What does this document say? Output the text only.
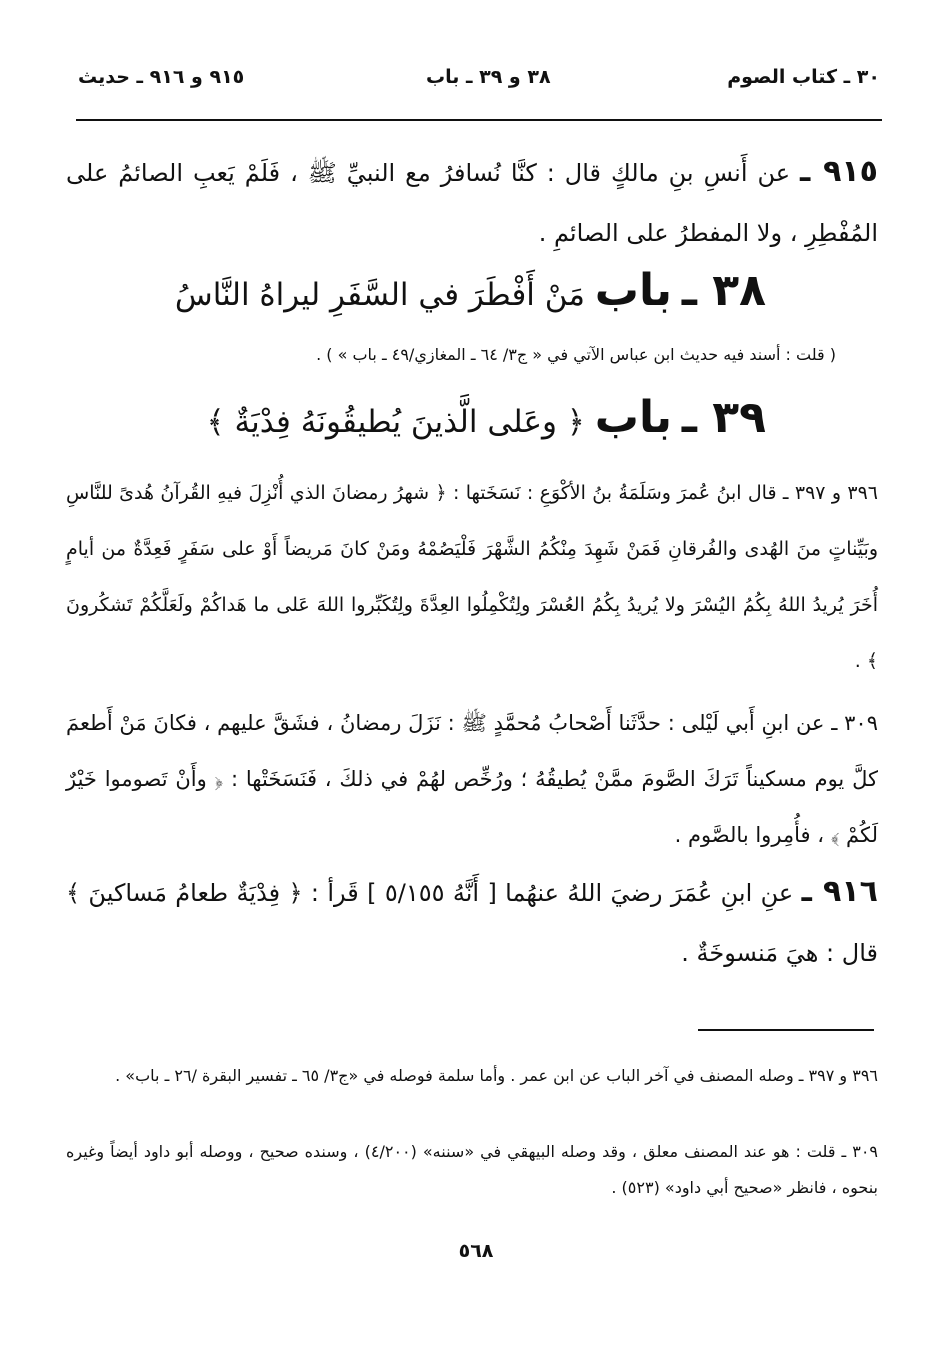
٣٠ ـ كتاب الصوم
٣٨ و ٣٩ ـ باب
٩١٥ و ٩١٦ ـ حديث
٩١٥ ـ عن أَنسِ بنِ مالكٍ قال : كنَّا نُسافرُ مع النبيِّ ﷺ ، فَلَمْ يَعبِ الصائمُ على المُفْطِرِ ، ولا المفطرُ على الصائمِ .
٣٨ ـ باب مَنْ أَفْطَرَ في السَّفَرِ ليراهُ النَّاسُ
( قلت : أسند فيه حديث ابن عباس الآتي في « ج٣/ ٦٤ ـ المغازي/٤٩ ـ باب » ) .
٣٩ ـ باب ﴿ وعَلى الَّذينَ يُطيقُونَهُ فِدْيَةٌ ﴾
٣٩٦ و ٣٩٧ ـ قال ابنُ عُمرَ وسَلَمَةُ بنُ الأكْوَعِ : نَسَخَتها : ﴿ شهرُ رمضانَ الذي أُنْزِلَ فيهِ القُرآنُ هُدىً للنَّاسِ وبَيِّناتٍ منَ الهُدى والفُرقانِ فَمَنْ شَهِدَ مِنْكُمُ الشَّهْرَ فَلْيَصُمْهُ ومَنْ كانَ مَريضاً أَوْ على سَفَرٍ فَعِدَّةٌ من أيامٍ أُخَرَ يُريدُ اللهُ بِكُمُ اليُسْرَ ولا يُريدُ بِكُمُ العُسْرَ ولِتُكْمِلُوا العِدَّةَ ولِتُكَبِّروا اللهَ عَلى ما هَداكُمْ ولَعَلَّكُمْ تَشكُرونَ ﴾ .
٣٠٩ ـ عن ابنِ أَبي لَيْلى : حدَّثَنا أَصْحابُ مُحمَّدٍ ﷺ : نَزَلَ رمضانُ ، فشَقَّ عليهم ، فكانَ مَنْ أَطعمَ كلَّ يوم مسكيناً تَرَكَ الصَّومَ ممَّنْ يُطيقُهُ ؛ ورُخِّص لهُمْ في ذلكَ ، فَنَسَخَتْها : ﴿ وأَنْ تَصوموا خَيْرٌ لَكُمْ ﴾ ، فأُمِروا بالصَّوم .
٩١٦ ـ عنِ ابنِ عُمَرَ رضيَ اللهُ عنهُما [ أَنَّهُ ٥/١٥٥ ] قَرأ : ﴿ فِدْيَةٌ طعامُ مَساكينَ ﴾ قال : هيَ مَنسوخَةٌ .
٣٩٦ و ٣٩٧ ـ وصله المصنف في آخر الباب عن ابن عمر . وأما سلمة فوصله في «ج٣/ ٦٥ ـ تفسير البقرة /٢٦ ـ باب» .
٣٠٩ ـ قلت : هو عند المصنف معلق ، وقد وصله البيهقي في «سننه» (٤/٢٠٠) ، وسنده صحيح ، ووصله أبو داود أيضاً وغيره بنحوه ، فانظر «صحيح أبي داود» (٥٢٣) .
٥٦٨
